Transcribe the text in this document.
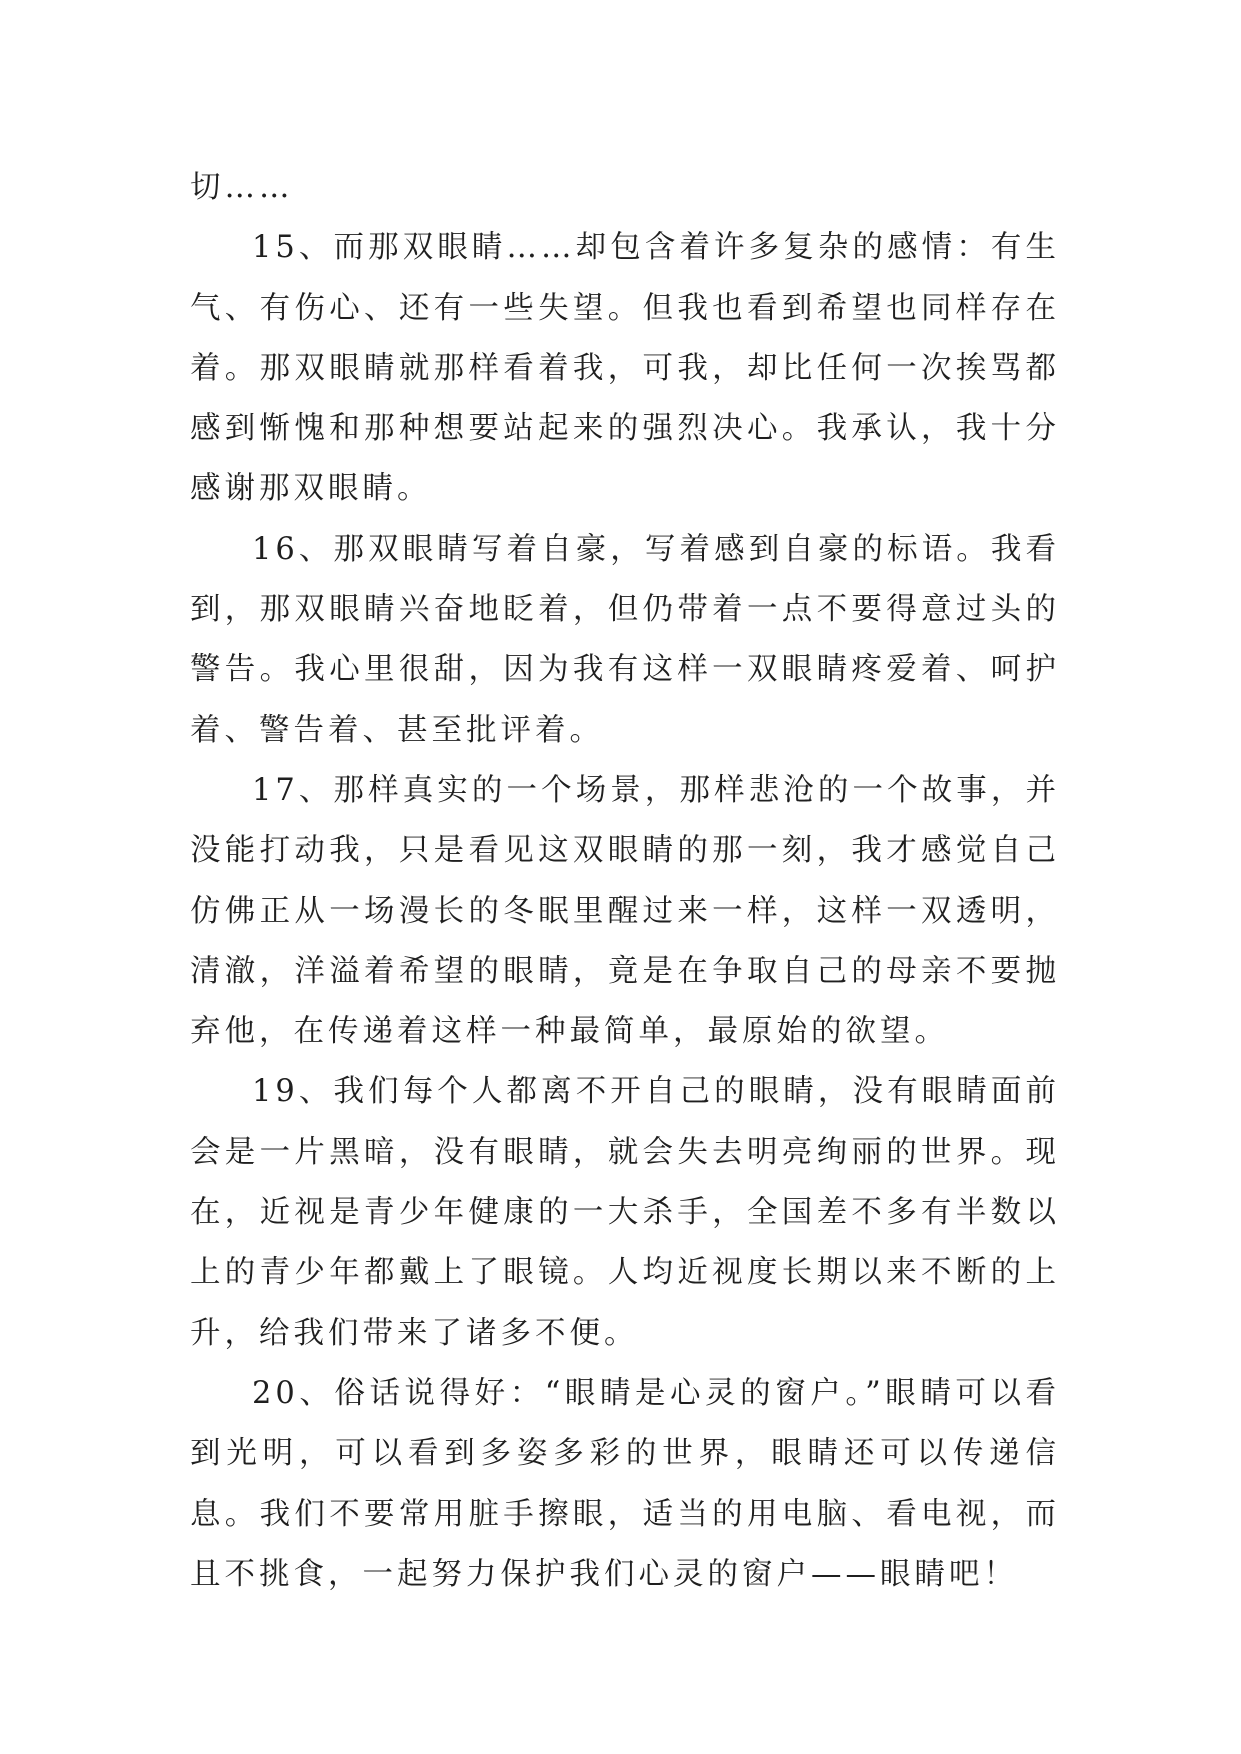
切……

15、而那双眼睛……却包含着许多复杂的感情：有生气、有伤心、还有一些失望。但我也看到希望也同样存在着。那双眼睛就那样看着我，可我，却比任何一次挨骂都感到惭愧和那种想要站起来的强烈决心。我承认，我十分感谢那双眼睛。

16、那双眼睛写着自豪，写着感到自豪的标语。我看到，那双眼睛兴奋地眨着，但仍带着一点不要得意过头的警告。我心里很甜，因为我有这样一双眼睛疼爱着、呵护着、警告着、甚至批评着。

17、那样真实的一个场景，那样悲沧的一个故事，并没能打动我，只是看见这双眼睛的那一刻，我才感觉自己仿佛正从一场漫长的冬眠里醒过来一样，这样一双透明，清澈，洋溢着希望的眼睛，竟是在争取自己的母亲不要抛弃他，在传递着这样一种最简单，最原始的欲望。

19、我们每个人都离不开自己的眼睛，没有眼睛面前会是一片黑暗，没有眼睛，就会失去明亮绚丽的世界。现在，近视是青少年健康的一大杀手，全国差不多有半数以上的青少年都戴上了眼镜。人均近视度长期以来不断的上升，给我们带来了诸多不便。

20、俗话说得好：“眼睛是心灵的窗户。”眼睛可以看到光明，可以看到多姿多彩的世界，眼睛还可以传递信息。我们不要常用脏手擦眼，适当的用电脑、看电视，而且不挑食，一起努力保护我们心灵的窗户——眼睛吧！
